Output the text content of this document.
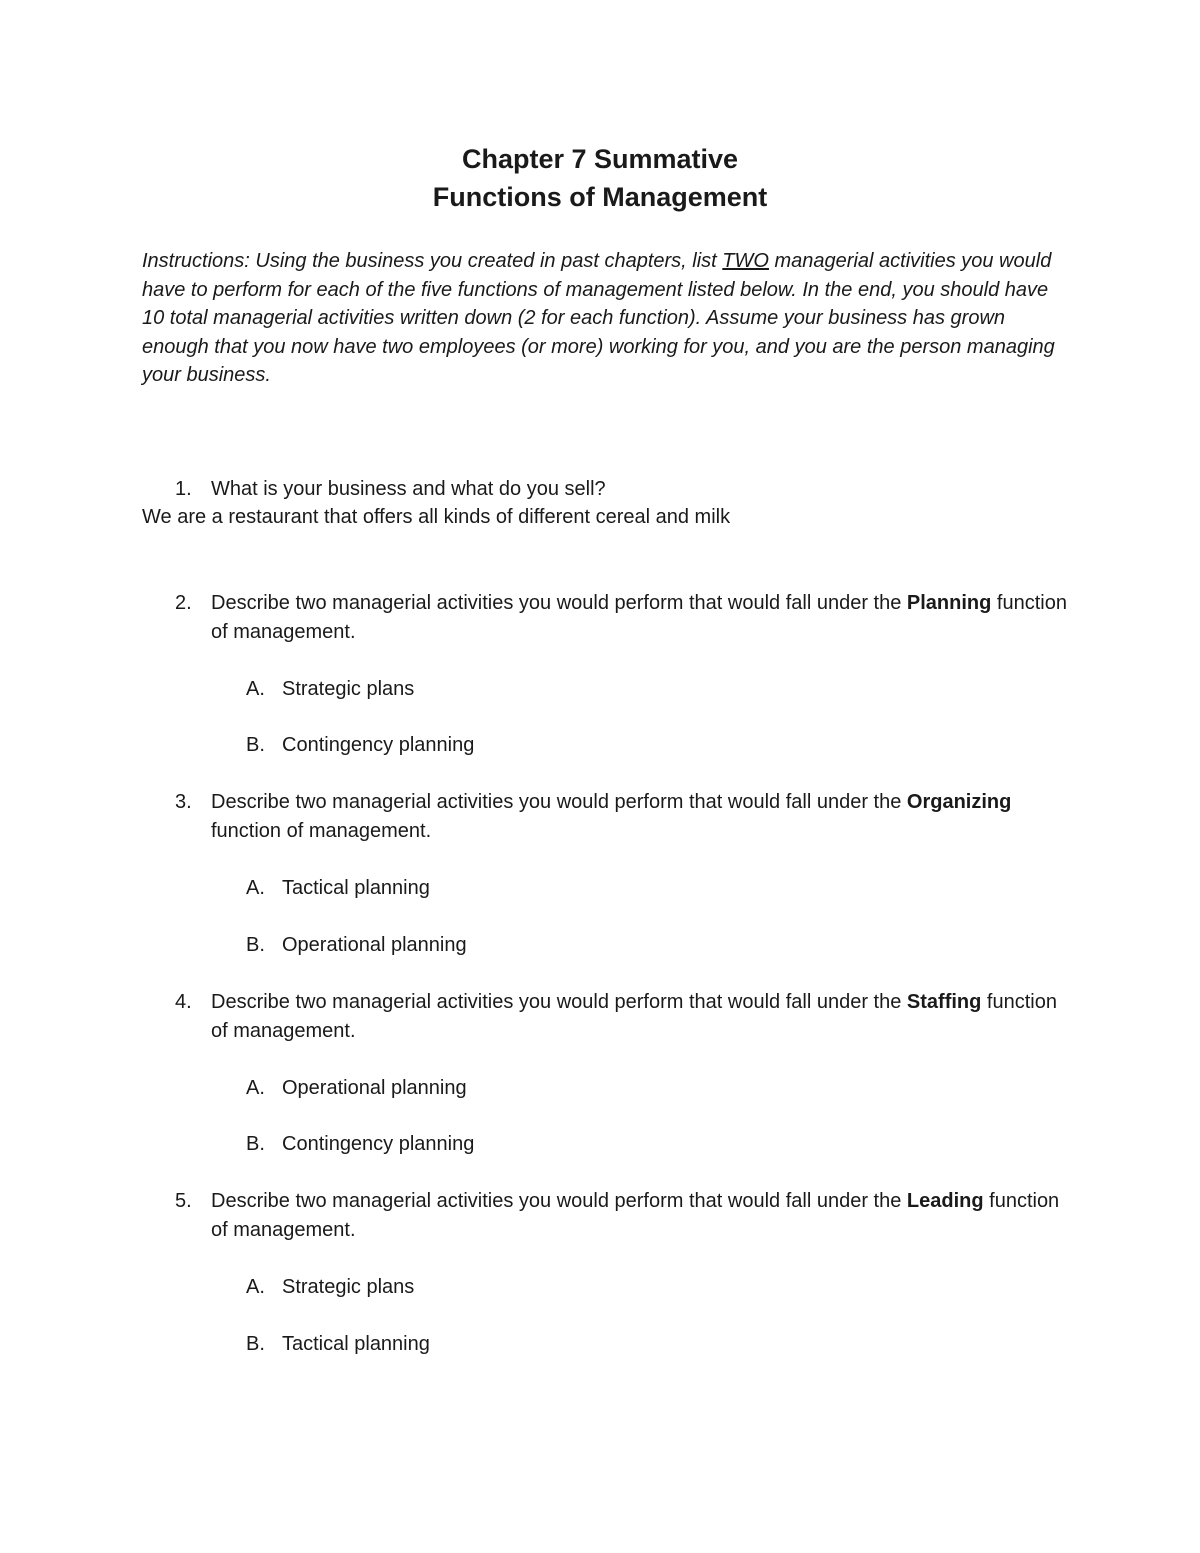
Chapter 7 Summative
Functions of Management
Instructions: Using the business you created in past chapters, list TWO managerial activities you would have to perform for each of the five functions of management listed below. In the end, you should have 10 total managerial activities written down (2 for each function). Assume your business has grown enough that you now have two employees (or more) working for you, and you are the person managing your business.
1. What is your business and what do you sell?
We are a restaurant that offers all kinds of different cereal and milk
2. Describe two managerial activities you would perform that would fall under the Planning function of management.
A. Strategic plans
B. Contingency planning
3. Describe two managerial activities you would perform that would fall under the Organizing function of management.
A. Tactical planning
B. Operational planning
4. Describe two managerial activities you would perform that would fall under the Staffing function of management.
A. Operational planning
B. Contingency planning
5. Describe two managerial activities you would perform that would fall under the Leading function of management.
A. Strategic plans
B. Tactical planning
